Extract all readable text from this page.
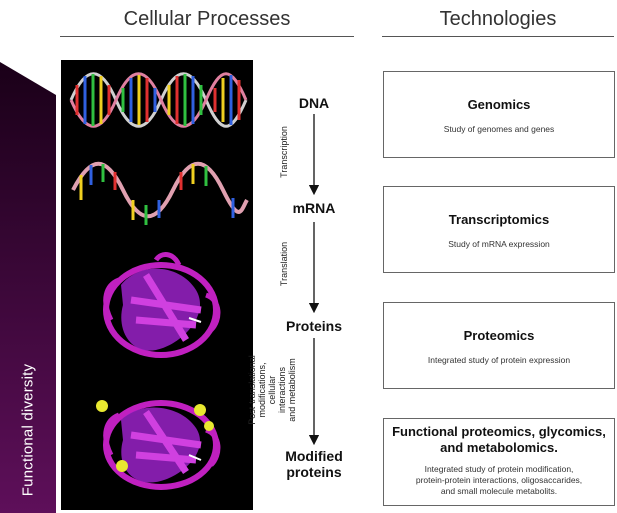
Functional diversity
Cellular Processes	Technologies
DNA
mRNA
Proteins
Modified
proteins
Transcription
Translation
Post-translational modifications, cellular interactions and metabolism
Genomics
Study of genomes and genes
Transcriptomics
Study of mRNA expression
Proteomics
Integrated study of protein expression
Functional proteomics, glycomics,
and metabolomics.
Integrated study of protein modification,
protein-protein interactions, oligosaccarides,
and small molecule metabolits.
